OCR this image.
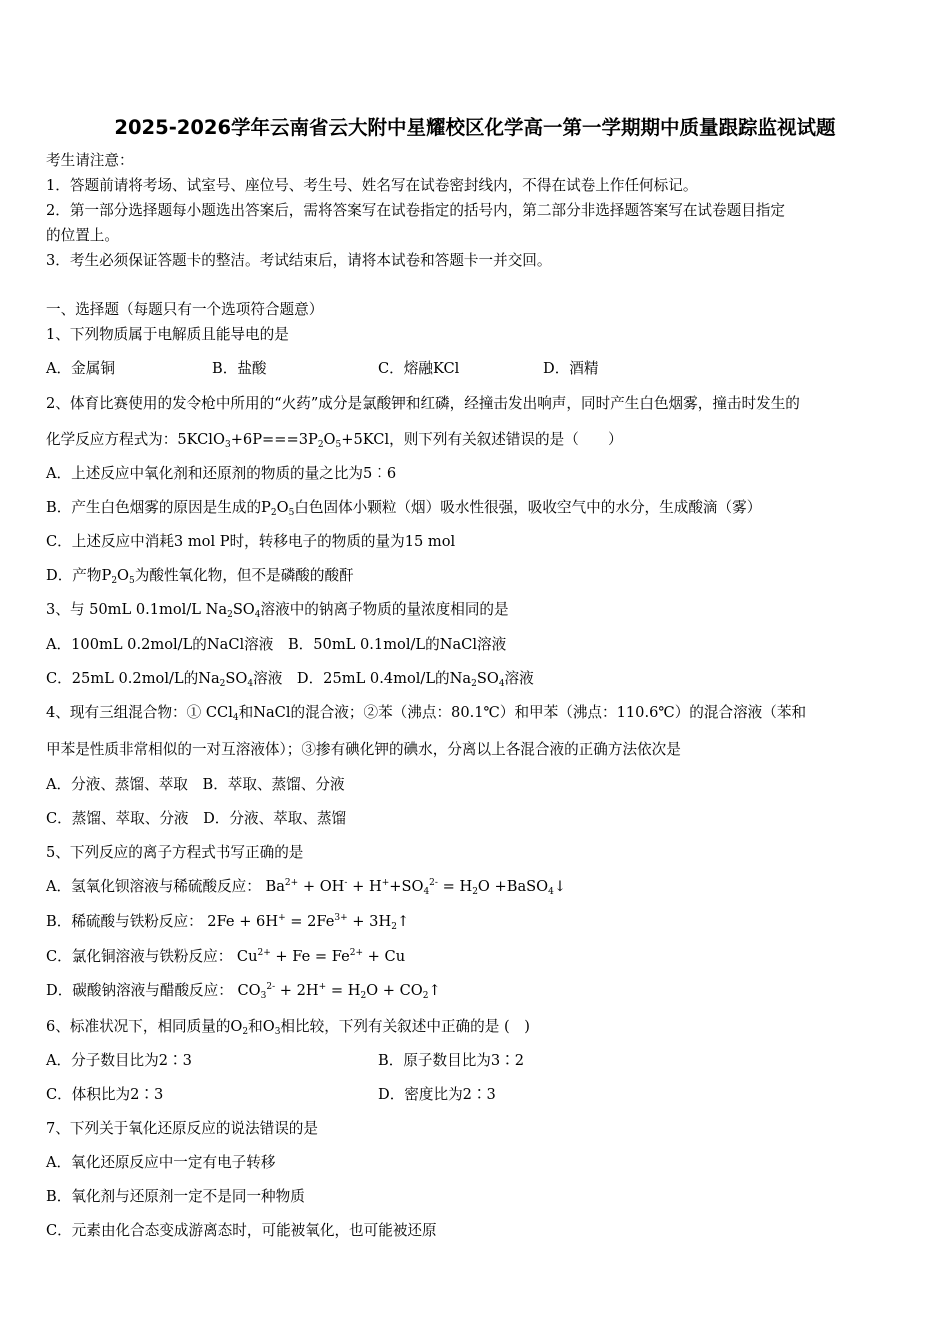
2025-2026学年云南省云大附中星耀校区化学高一第一学期期中质量跟踪监视试题
考生请注意：
1．答题前请将考场、试室号、座位号、考生号、姓名写在试卷密封线内，不得在试卷上作任何标记。
2．第一部分选择题每小题选出答案后，需将答案写在试卷指定的括号内，第二部分非选择题答案写在试卷题目指定
的位置上。
3．考生必须保证答题卡的整洁。考试结束后，请将本试卷和答题卡一并交回。
一、选择题（每题只有一个选项符合题意）
1、下列物质属于电解质且能导电的是
A．金属铜	B．盐酸	C．熔融KCl	D．酒精
2、体育比赛使用的发令枪中所用的“火药”成分是氯酸钾和红磷，经撞击发出响声，同时产生白色烟雾，撞击时发生的
化学反应方程式为：$5KClO_3+6P===3P_2O_5+5KCl$，则下列有关叙述错误的是（　　）
A．上述反应中氧化剂和还原剂的物质的量之比为5︰6
B．产生白色烟雾的原因是生成的$P_2O_5$白色固体小颗粒（烟）吸水性很强，吸收空气中的水分，生成酸滴（雾）
C．上述反应中消耗3 mol P时，转移电子的物质的量为15 mol
D．产物$P_2O_5$为酸性氧化物，但不是磷酸的酸酐
3、与 50mL 0.1mol/L $Na_2SO_4$溶液中的钠离子物质的量浓度相同的是
A．100mL 0.2mol/L的NaCl溶液　B．50mL 0.1mol/L的NaCl溶液
C．25mL 0.2mol/L的$Na_2SO_4$溶液　D．25mL 0.4mol/L的$Na_2SO_4$溶液
4、现有三组混合物：① CCl$_4$和NaCl的混合液；②苯（沸点：80.1℃）和甲苯（沸点：110.6℃）的混合溶液（苯和
甲苯是性质非常相似的一对互溶液体）；③掺有碘化钾的碘水，分离以上各混合液的正确方法依次是
A．分液、蒸馏、萃取　B．萃取、蒸馏、分液
C．蒸馏、萃取、分液　D．分液、萃取、蒸馏
5、下列反应的离子方程式书写正确的是
A．氢氧化钡溶液与稀硫酸反应： $Ba^{2+} + OH^- + H^++SO_4^{2-} = H_2O$ +BaSO$_4$↓
B．稀硫酸与铁粉反应： $2Fe + 6H^+ = 2Fe^{3+}$ + $3H_2↑$
C．氯化铜溶液与铁粉反应： $Cu^{2+} + Fe = Fe^{2+} + Cu$
D．碳酸钠溶液与醋酸反应： $CO_3^{2-} + 2H^+ = H_2O$ + $CO_2↑$
6、标准状况下，相同质量的$O_2$和$O_3$相比较，下列有关叙述中正确的是 (　)
A．分子数目比为2∶3	B．原子数目比为3∶2
C．体积比为2∶3	D．密度比为2∶3
7、下列关于氧化还原反应的说法错误的是
A．氧化还原反应中一定有电子转移
B．氧化剂与还原剂一定不是同一种物质
C．元素由化合态变成游离态时，可能被氧化，也可能被还原
